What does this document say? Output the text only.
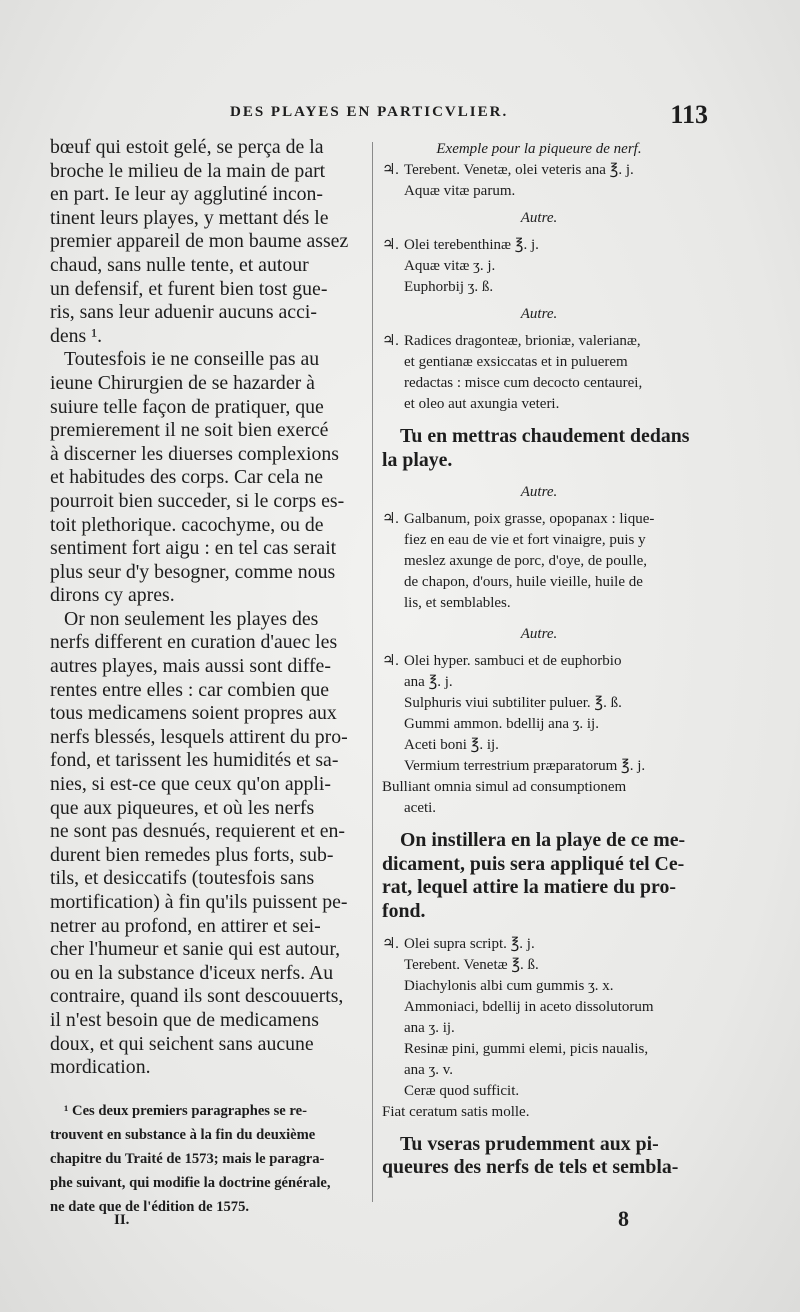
DES PLAYES EN PARTICVLIER.	113
bœuf qui estoit gelé, se perça de la
broche le milieu de la main de part
en part. Ie leur ay agglutiné incon-
tinent leurs playes, y mettant dés le
premier appareil de mon baume assez
chaud, sans nulle tente, et autour
un defensif, et furent bien tost gue-
ris, sans leur aduenir aucuns acci-
dens ¹.
Toutesfois ie ne conseille pas au
ieune Chirurgien de se hazarder à
suiure telle façon de pratiquer, que
premierement il ne soit bien exercé
à discerner les diuerses complexions
et habitudes des corps. Car cela ne
pourroit bien succeder, si le corps es-
toit plethorique. cacochyme, ou de
sentiment fort aigu : en tel cas serait
plus seur d'y besogner, comme nous
dirons cy apres.
Or non seulement les playes des
nerfs different en curation d'auec les
autres playes, mais aussi sont diffe-
rentes entre elles : car combien que
tous medicamens soient propres aux
nerfs blessés, lesquels attirent du pro-
fond, et tarissent les humidités et sa-
nies, si est-ce que ceux qu'on appli-
que aux piqueures, et où les nerfs
ne sont pas desnués, requierent et en-
durent bien remedes plus forts, sub-
tils, et desiccatifs (toutesfois sans
mortification) à fin qu'ils puissent pe-
netrer au profond, en attirer et sei-
cher l'humeur et sanie qui est autour,
ou en la substance d'iceux nerfs. Au
contraire, quand ils sont descouuerts,
il n'est besoin que de medicamens
doux, et qui seichent sans aucune
mordication.
¹ Ces deux premiers paragraphes se re-
trouvent en substance à la fin du deuxième
chapitre du Traité de 1573; mais le paragra-
phe suivant, qui modifie la doctrine générale,
ne date que de l'édition de 1575.
II.

Exemple pour la piqueure de nerf.

♃. Terebent. Venetæ, olei veteris ana ℥. j.
Aquæ vitæ parum.

Autre.

♃. Olei terebenthinæ ℥. j.
Aquæ vitæ ʒ. j.
Euphorbij ʒ. ß.

Autre.

♃. Radices dragonteæ, brioniæ, valerianæ,
et gentianæ exsiccatas et in puluerem
redactas : misce cum decocto centaurei,
et oleo aut axungia veteri.
Tu en mettras chaudement dedans
la playe.

Autre.

♃. Galbanum, poix grasse, opopanax : lique-
fiez en eau de vie et fort vinaigre, puis y
meslez axunge de porc, d'oye, de poulle,
de chapon, d'ours, huile vieille, huile de
lis, et semblables.

Autre.

♃. Olei hyper. sambuci et de euphorbio
ana ℥. j.
Sulphuris viui subtiliter puluer. ℥. ß.
Gummi ammon. bdellij ana ʒ. ij.
Aceti boni ℥. ij.
Vermium terrestrium præparatorum ℥. j.
Bulliant omnia simul ad consumptionem
aceti.
On instillera en la playe de ce me-
dicament, puis sera appliqué tel Ce-
rat, lequel attire la matiere du pro-
fond.
♃. Olei supra script. ℥. j.
Terebent. Venetæ ℥. ß.
Diachylonis albi cum gummis ʒ. x.
Ammoniaci, bdellij in aceto dissolutorum
ana ʒ. ij.
Resinæ pini, gummi elemi, picis naualis,
ana ʒ. v.
Ceræ quod sufficit.
Fiat ceratum satis molle.
Tu vseras prudemment aux pi-
queures des nerfs de tels et sembla-
8
